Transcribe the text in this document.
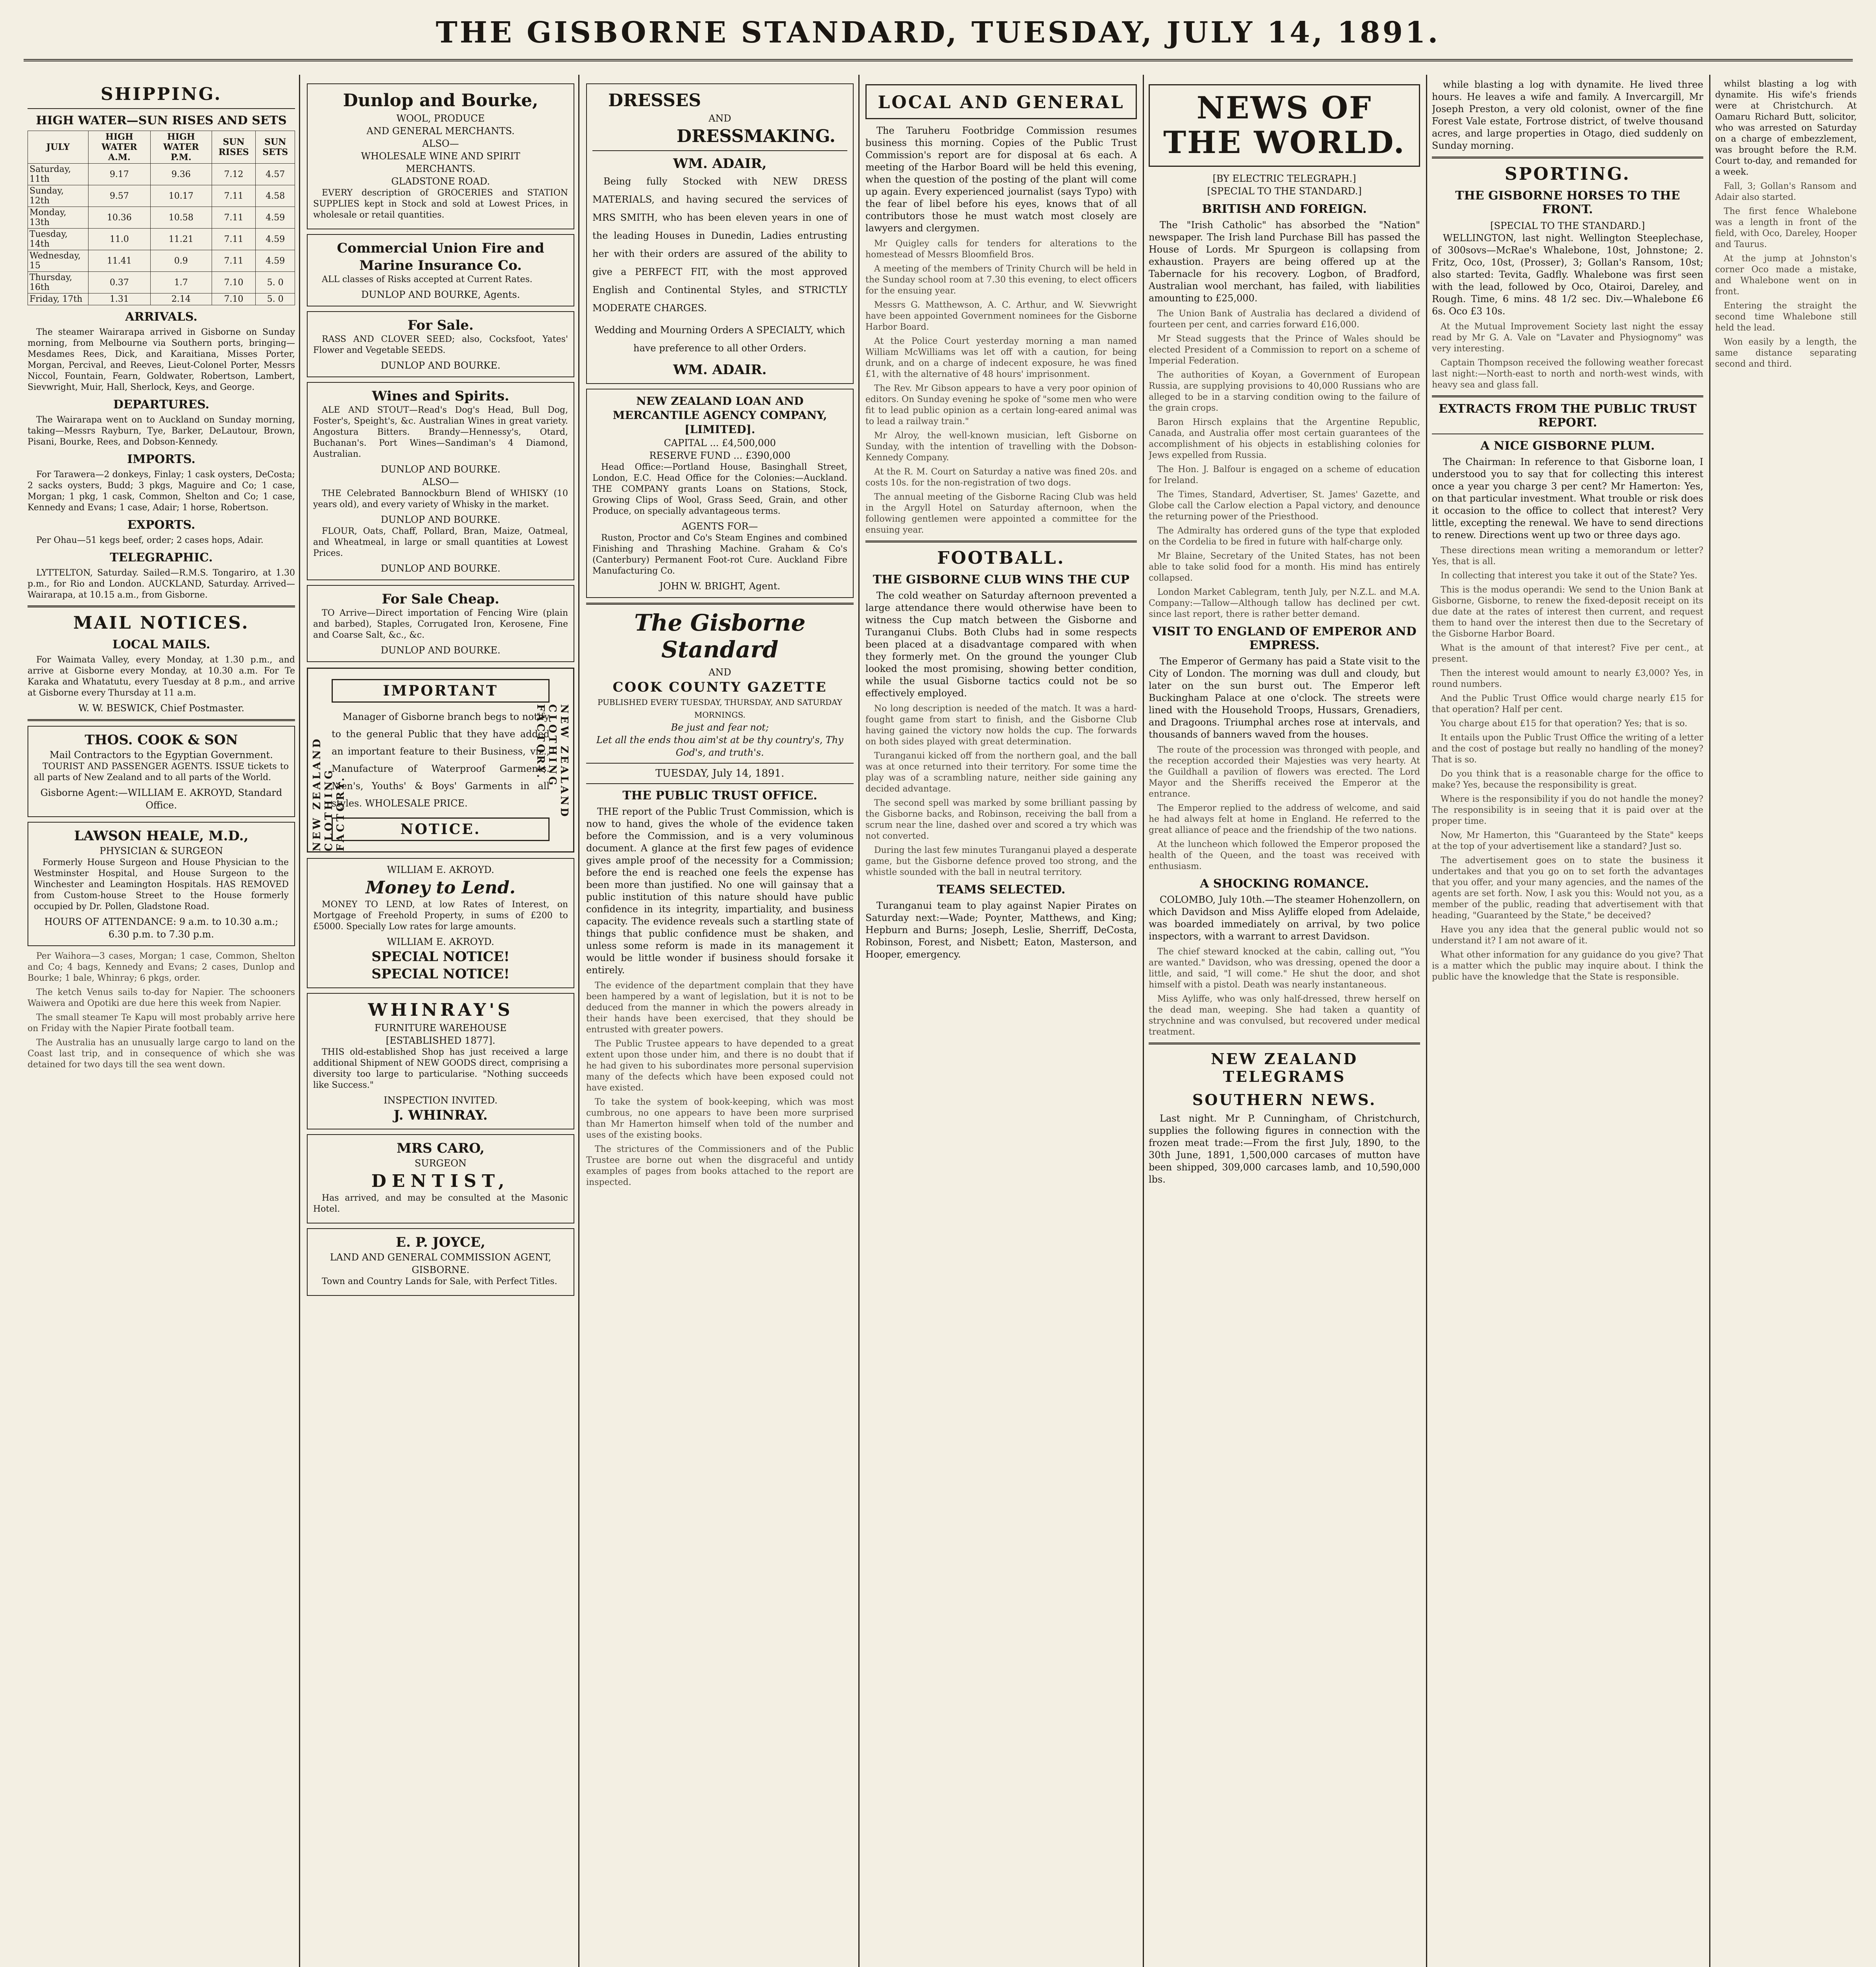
THE GISBORNE STANDARD, TUESDAY, JULY 14, 1891.
SHIPPING.
HIGH WATER—SUN RISES AND SETS
JULY	HIGH WATER A.M.	HIGH WATER P.M.	SUN RISES	SUN SETS
Saturday, 11th	9.17	9.36	7.12	4.57
Sunday, 12th	9.57	10.17	7.11	4.58
Monday, 13th	10.36	10.58	7.11	4.59
Tuesday, 14th	11.0	11.21	7.11	4.59
Wednesday, 15	11.41	0.9	7.11	4.59
Thursday, 16th	0.37	1.7	7.10	5. 0
Friday, 17th	1.31	2.14	7.10	5. 0
ARRIVALS.

The steamer Wairarapa arrived in Gisborne on Sunday morning, from Melbourne via Southern ports, bringing—Mesdames Rees, Dick, and Karaitiana, Misses Porter, Morgan, Percival, and Reeves, Lieut-Colonel Porter, Messrs Niccol, Fountain, Fearn, Goldwater, Robertson, Lambert, Sievwright, Muir, Hall, Sherlock, Keys, and George.

DEPARTURES.

The Wairarapa went on to Auckland on Sunday morning, taking—Messrs Rayburn, Tye, Barker, DeLautour, Brown, Pisani, Bourke, Rees, and Dobson-Kennedy.

IMPORTS.

For Tarawera—2 donkeys, Finlay; 1 cask oysters, DeCosta; 2 sacks oysters, Budd; 3 pkgs, Maguire and Co; 1 case, Morgan; 1 pkg, 1 cask, Common, Shelton and Co; 1 case, Kennedy and Evans; 1 case, Adair; 1 horse, Robertson.

EXPORTS.

Per Ohau—51 kegs beef, order; 2 cases hops, Adair.

TELEGRAPHIC.

LYTTELTON, Saturday. Sailed—R.M.S. Tongariro, at 1.30 p.m., for Rio and London. AUCKLAND, Saturday. Arrived—Wairarapa, at 10.15 a.m., from Gisborne.

MAIL NOTICES.
LOCAL MAILS.

For Waimata Valley, every Monday, at 1.30 p.m., and arrive at Gisborne every Monday, at 10.30 a.m. For Te Karaka and Whatatutu, every Tuesday at 8 p.m., and arrive at Gisborne every Thursday at 11 a.m.

W. W. BESWICK, Chief Postmaster.
THOS. COOK & SON
Mail Contractors to the Egyptian Government.

TOURIST AND PASSENGER AGENTS. ISSUE tickets to all parts of New Zealand and to all parts of the World.

Gisborne Agent:—WILLIAM E. AKROYD, Standard Office.
LAWSON HEALE, M.D.,
PHYSICIAN & SURGEON

Formerly House Surgeon and House Physician to the Westminster Hospital, and House Surgeon to the Winchester and Leamington Hospitals. HAS REMOVED from Custom-house Street to the House formerly occupied by Dr. Pollen, Gladstone Road.

HOURS OF ATTENDANCE: 9 a.m. to 10.30 a.m.; 6.30 p.m. to 7.30 p.m.

Per Waihora—3 cases, Morgan; 1 case, Common, Shelton and Co; 4 bags, Kennedy and Evans; 2 cases, Dunlop and Bourke; 1 bale, Whinray; 6 pkgs, order.

The ketch Venus sails to-day for Napier. The schooners Waiwera and Opotiki are due here this week from Napier.

The small steamer Te Kapu will most probably arrive here on Friday with the Napier Pirate football team.

The Australia has an unusually large cargo to land on the Coast last trip, and in consequence of which she was detained for two days till the sea went down.

Dunlop and Bourke,
WOOL, PRODUCE
AND GENERAL MERCHANTS.
ALSO—
WHOLESALE WINE AND SPIRIT
MERCHANTS.
GLADSTONE ROAD.

EVERY description of GROCERIES and STATION SUPPLIES kept in Stock and sold at Lowest Prices, in wholesale or retail quantities.

Commercial Union Fire and Marine Insurance Co.

ALL classes of Risks accepted at Current Rates.

DUNLOP AND BOURKE, Agents.
For Sale.

RASS AND CLOVER SEED; also, Cocksfoot, Yates' Flower and Vegetable SEEDS.

DUNLOP AND BOURKE.
Wines and Spirits.

ALE AND STOUT—Read's Dog's Head, Bull Dog, Foster's, Speight's, &c. Australian Wines in great variety. Angostura Bitters. Brandy—Hennessy's, Otard, Buchanan's. Port Wines—Sandiman's 4 Diamond, Australian.

DUNLOP AND BOURKE.
ALSO—

THE Celebrated Bannockburn Blend of WHISKY (10 years old), and every variety of Whisky in the market.

DUNLOP AND BOURKE.

FLOUR, Oats, Chaff, Pollard, Bran, Maize, Oatmeal, and Wheatmeal, in large or small quantities at Lowest Prices.

DUNLOP AND BOURKE.
For Sale Cheap.

TO Arrive—Direct importation of Fencing Wire (plain and barbed), Staples, Corrugated Iron, Kerosene, Fine and Coarse Salt, &c., &c.

DUNLOP AND BOURKE.
IMPORTANT
NEW ZEALAND CLOTHING FACTORY.	NEW ZEALAND CLOTHING FACTORY.

Manager of Gisborne branch begs to notify to the general Public that they have added an important feature to their Business, viz., Manufacture of Waterproof Garments. Men's, Youths' & Boys' Garments in all styles. WHOLESALE PRICE.

NOTICE.
WILLIAM E. AKROYD.
Money to Lend.

MONEY TO LEND, at low Rates of Interest, on Mortgage of Freehold Property, in sums of £200 to £5000. Specially Low rates for large amounts.

WILLIAM E. AKROYD.
SPECIAL NOTICE!
SPECIAL NOTICE!
WHINRAY'S
FURNITURE WAREHOUSE
[ESTABLISHED 1877].

THIS old-established Shop has just received a large additional Shipment of NEW GOODS direct, comprising a diversity too large to particularise. "Nothing succeeds like Success."

INSPECTION INVITED.
J. WHINRAY.
MRS CARO,
SURGEON
DENTIST,

Has arrived, and may be consulted at the Masonic Hotel.

E. P. JOYCE,
LAND AND GENERAL COMMISSION AGENT,
GISBORNE.

Town and Country Lands for Sale, with Perfect Titles.

DRESSES
AND
DRESSMAKING.
WM. ADAIR,

Being fully Stocked with NEW DRESS MATERIALS, and having secured the services of MRS SMITH, who has been eleven years in one of the leading Houses in Dunedin, Ladies entrusting her with their orders are assured of the ability to give a PERFECT FIT, with the most approved English and Continental Styles, and STRICTLY MODERATE CHARGES.

Wedding and Mourning Orders A SPECIALTY, which have preference to all other Orders.

WM. ADAIR.
NEW ZEALAND LOAN AND MERCANTILE AGENCY COMPANY, [LIMITED].
CAPITAL ... £4,500,000
RESERVE FUND ... £390,000

Head Office:—Portland House, Basinghall Street, London, E.C. Head Office for the Colonies:—Auckland. THE COMPANY grants Loans on Stations, Stock, Growing Clips of Wool, Grass Seed, Grain, and other Produce, on specially advantageous terms.

AGENTS FOR—

Ruston, Proctor and Co's Steam Engines and combined Finishing and Thrashing Machine. Graham & Co's (Canterbury) Permanent Foot-rot Cure. Auckland Fibre Manufacturing Co.

JOHN W. BRIGHT, Agent.
The Gisborne Standard
AND
COOK COUNTY GAZETTE
PUBLISHED EVERY TUESDAY, THURSDAY, AND SATURDAY MORNINGS.
Be just and fear not;
Let all the ends thou aim'st at be thy country's, Thy God's, and truth's.
TUESDAY, July 14, 1891.
THE PUBLIC TRUST OFFICE.

THE report of the Public Trust Commission, which is now to hand, gives the whole of the evidence taken before the Commission, and is a very voluminous document. A glance at the first few pages of evidence gives ample proof of the necessity for a Commission; before the end is reached one feels the expense has been more than justified. No one will gainsay that a public institution of this nature should have public confidence in its integrity, impartiality, and business capacity. The evidence reveals such a startling state of things that public confidence must be shaken, and unless some reform is made in its management it would be little wonder if business should forsake it entirely.

The evidence of the department complain that they have been hampered by a want of legislation, but it is not to be deduced from the manner in which the powers already in their hands have been exercised, that they should be entrusted with greater powers.

The Public Trustee appears to have depended to a great extent upon those under him, and there is no doubt that if he had given to his subordinates more personal supervision many of the defects which have been exposed could not have existed.

To take the system of book-keeping, which was most cumbrous, no one appears to have been more surprised than Mr Hamerton himself when told of the number and uses of the existing books.

The strictures of the Commissioners and of the Public Trustee are borne out when the disgraceful and untidy examples of pages from books attached to the report are inspected.

LOCAL AND GENERAL

The Taruheru Footbridge Commission resumes business this morning. Copies of the Public Trust Commission's report are for disposal at 6s each. A meeting of the Harbor Board will be held this evening, when the question of the posting of the plant will come up again. Every experienced journalist (says Typo) with the fear of libel before his eyes, knows that of all contributors those he must watch most closely are lawyers and clergymen.

Mr Quigley calls for tenders for alterations to the homestead of Messrs Bloomfield Bros.

A meeting of the members of Trinity Church will be held in the Sunday school room at 7.30 this evening, to elect officers for the ensuing year.

Messrs G. Matthewson, A. C. Arthur, and W. Sievwright have been appointed Government nominees for the Gisborne Harbor Board.

At the Police Court yesterday morning a man named William McWilliams was let off with a caution, for being drunk, and on a charge of indecent exposure, he was fined £1, with the alternative of 48 hours' imprisonment.

The Rev. Mr Gibson appears to have a very poor opinion of editors. On Sunday evening he spoke of "some men who were fit to lead public opinion as a certain long-eared animal was to lead a railway train."

Mr Alroy, the well-known musician, left Gisborne on Sunday, with the intention of travelling with the Dobson-Kennedy Company.

At the R. M. Court on Saturday a native was fined 20s. and costs 10s. for the non-registration of two dogs.

The annual meeting of the Gisborne Racing Club was held in the Argyll Hotel on Saturday afternoon, when the following gentlemen were appointed a committee for the ensuing year.

FOOTBALL.
THE GISBORNE CLUB WINS THE CUP

The cold weather on Saturday afternoon prevented a large attendance there would otherwise have been to witness the Cup match between the Gisborne and Turanganui Clubs. Both Clubs had in some respects been placed at a disadvantage compared with when they formerly met. On the ground the younger Club looked the most promising, showing better condition, while the usual Gisborne tactics could not be so effectively employed.

No long description is needed of the match. It was a hard-fought game from start to finish, and the Gisborne Club having gained the victory now holds the cup. The forwards on both sides played with great determination.

Turanganui kicked off from the northern goal, and the ball was at once returned into their territory. For some time the play was of a scrambling nature, neither side gaining any decided advantage.

The second spell was marked by some brilliant passing by the Gisborne backs, and Robinson, receiving the ball from a scrum near the line, dashed over and scored a try which was not converted.

During the last few minutes Turanganui played a desperate game, but the Gisborne defence proved too strong, and the whistle sounded with the ball in neutral territory.

TEAMS SELECTED.

Turanganui team to play against Napier Pirates on Saturday next:—Wade; Poynter, Matthews, and King; Hepburn and Burns; Joseph, Leslie, Sherriff, DeCosta, Robinson, Forest, and Nisbett; Eaton, Masterson, and Hooper, emergency.

NEWS OF THE WORLD.
[BY ELECTRIC TELEGRAPH.]
[SPECIAL TO THE STANDARD.]
BRITISH AND FOREIGN.

The "Irish Catholic" has absorbed the "Nation" newspaper. The Irish land Purchase Bill has passed the House of Lords. Mr Spurgeon is collapsing from exhaustion. Prayers are being offered up at the Tabernacle for his recovery. Logbon, of Bradford, Australian wool merchant, has failed, with liabilities amounting to £25,000.

The Union Bank of Australia has declared a dividend of fourteen per cent, and carries forward £16,000.

Mr Stead suggests that the Prince of Wales should be elected President of a Commission to report on a scheme of Imperial Federation.

The authorities of Koyan, a Government of European Russia, are supplying provisions to 40,000 Russians who are alleged to be in a starving condition owing to the failure of the grain crops.

Baron Hirsch explains that the Argentine Republic, Canada, and Australia offer most certain guarantees of the accomplishment of his objects in establishing colonies for Jews expelled from Russia.

The Hon. J. Balfour is engaged on a scheme of education for Ireland.

The Times, Standard, Advertiser, St. James' Gazette, and Globe call the Carlow election a Papal victory, and denounce the returning power of the Priesthood.

The Admiralty has ordered guns of the type that exploded on the Cordelia to be fired in future with half-charge only.

Mr Blaine, Secretary of the United States, has not been able to take solid food for a month. His mind has entirely collapsed.

London Market Cablegram, tenth July, per N.Z.L. and M.A. Company:—Tallow—Although tallow has declined per cwt. since last report, there is rather better demand.

VISIT TO ENGLAND OF EMPEROR AND EMPRESS.

The Emperor of Germany has paid a State visit to the City of London. The morning was dull and cloudy, but later on the sun burst out. The Emperor left Buckingham Palace at one o'clock. The streets were lined with the Household Troops, Hussars, Grenadiers, and Dragoons. Triumphal arches rose at intervals, and thousands of banners waved from the houses.

The route of the procession was thronged with people, and the reception accorded their Majesties was very hearty. At the Guildhall a pavilion of flowers was erected. The Lord Mayor and the Sheriffs received the Emperor at the entrance.

The Emperor replied to the address of welcome, and said he had always felt at home in England. He referred to the great alliance of peace and the friendship of the two nations.

At the luncheon which followed the Emperor proposed the health of the Queen, and the toast was received with enthusiasm.

A SHOCKING ROMANCE.

COLOMBO, July 10th.—The steamer Hohenzollern, on which Davidson and Miss Ayliffe eloped from Adelaide, was boarded immediately on arrival, by two police inspectors, with a warrant to arrest Davidson.

The chief steward knocked at the cabin, calling out, "You are wanted." Davidson, who was dressing, opened the door a little, and said, "I will come." He shut the door, and shot himself with a pistol. Death was nearly instantaneous.

Miss Ayliffe, who was only half-dressed, threw herself on the dead man, weeping. She had taken a quantity of strychnine and was convulsed, but recovered under medical treatment.

NEW ZEALAND TELEGRAMS
SOUTHERN NEWS.

Last night. Mr P. Cunningham, of Christchurch, supplies the following figures in connection with the frozen meat trade:—From the first July, 1890, to the 30th June, 1891, 1,500,000 carcases of mutton have been shipped, 309,000 carcases lamb, and 10,590,000 lbs.

while blasting a log with dynamite. He lived three hours. He leaves a wife and family. A Invercargill, Mr Joseph Preston, a very old colonist, owner of the fine Forest Vale estate, Fortrose district, of twelve thousand acres, and large properties in Otago, died suddenly on Sunday morning.

SPORTING.
THE GISBORNE HORSES TO THE FRONT.
[SPECIAL TO THE STANDARD.]

WELLINGTON, last night. Wellington Steeplechase, of 300sovs—McRae's Whalebone, 10st, Johnstone; 2. Fritz, Oco, 10st, (Prosser), 3; Gollan's Ransom, 10st; also started: Tevita, Gadfly. Whalebone was first seen with the lead, followed by Oco, Otairoi, Dareley, and Rough. Time, 6 mins. 48 1/2 sec. Div.—Whalebone £6 6s. Oco £3 10s.

At the Mutual Improvement Society last night the essay read by Mr G. A. Vale on "Lavater and Physiognomy" was very interesting.

Captain Thompson received the following weather forecast last night:—North-east to north and north-west winds, with heavy sea and glass fall.

EXTRACTS FROM THE PUBLIC TRUST REPORT.
A NICE GISBORNE PLUM.

The Chairman: In reference to that Gisborne loan, I understood you to say that for collecting this interest once a year you charge 3 per cent? Mr Hamerton: Yes, on that particular investment. What trouble or risk does it occasion to the office to collect that interest? Very little, excepting the renewal. We have to send directions to renew. Directions went up two or three days ago.

These directions mean writing a memorandum or letter? Yes, that is all.

In collecting that interest you take it out of the State? Yes.

This is the modus operandi: We send to the Union Bank at Gisborne, Gisborne, to renew the fixed-deposit receipt on its due date at the rates of interest then current, and request them to hand over the interest then due to the Secretary of the Gisborne Harbor Board.

What is the amount of that interest? Five per cent., at present.

Then the interest would amount to nearly £3,000? Yes, in round numbers.

And the Public Trust Office would charge nearly £15 for that operation? Half per cent.

You charge about £15 for that operation? Yes; that is so.

It entails upon the Public Trust Office the writing of a letter and the cost of postage but really no handling of the money? That is so.

Do you think that is a reasonable charge for the office to make? Yes, because the responsibility is great.

Where is the responsibility if you do not handle the money? The responsibility is in seeing that it is paid over at the proper time.

Now, Mr Hamerton, this "Guaranteed by the State" keeps at the top of your advertisement like a standard? Just so.

The advertisement goes on to state the business it undertakes and that you go on to set forth the advantages that you offer, and your many agencies, and the names of the agents are set forth. Now, I ask you this: Would not you, as a member of the public, reading that advertisement with that heading, "Guaranteed by the State," be deceived?

Have you any idea that the general public would not so understand it? I am not aware of it.

What other information for any guidance do you give? That is a matter which the public may inquire about. I think the public have the knowledge that the State is responsible.

whilst blasting a log with dynamite. His wife's friends were at Christchurch. At Oamaru Richard Butt, solicitor, who was arrested on Saturday on a charge of embezzlement, was brought before the R.M. Court to-day, and remanded for a week.

Fall, 3; Gollan's Ransom and Adair also started.

The first fence Whalebone was a length in front of the field, with Oco, Dareley, Hooper and Taurus.

At the jump at Johnston's corner Oco made a mistake, and Whalebone went on in front.

Entering the straight the second time Whalebone still held the lead.

Won easily by a length, the same distance separating second and third.
